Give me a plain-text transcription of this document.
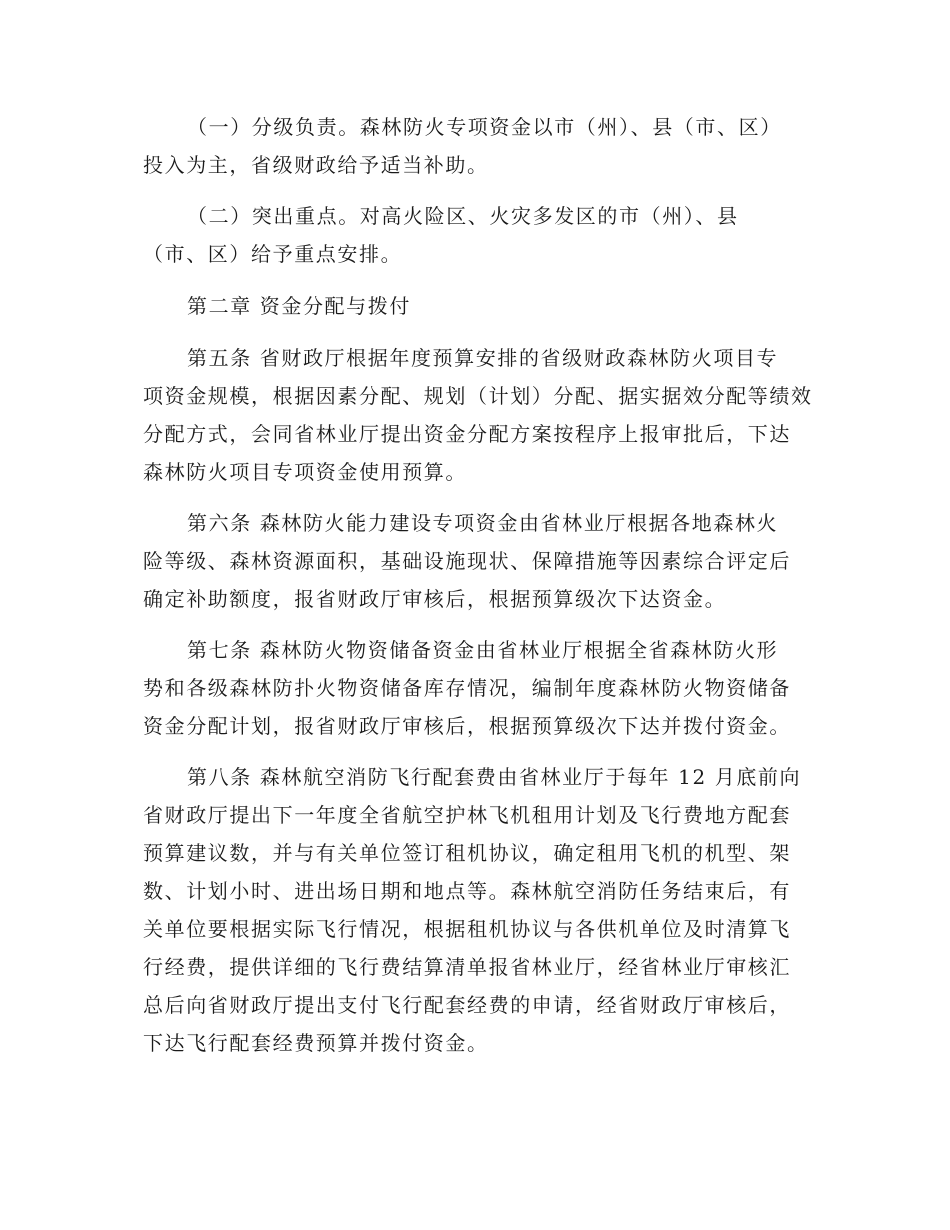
（一）分级负责。森林防火专项资金以市（州）、县（市、区）
投入为主，省级财政给予适当补助。
（二）突出重点。对高火险区、火灾多发区的市（州）、县
（市、区）给予重点安排。
第二章 资金分配与拨付
第五条 省财政厅根据年度预算安排的省级财政森林防火项目专
项资金规模，根据因素分配、规划（计划）分配、据实据效分配等绩效
分配方式，会同省林业厅提出资金分配方案按程序上报审批后，下达
森林防火项目专项资金使用预算。
第六条 森林防火能力建设专项资金由省林业厅根据各地森林火
险等级、森林资源面积，基础设施现状、保障措施等因素综合评定后
确定补助额度，报省财政厅审核后，根据预算级次下达资金。
第七条 森林防火物资储备资金由省林业厅根据全省森林防火形
势和各级森林防扑火物资储备库存情况，编制年度森林防火物资储备
资金分配计划，报省财政厅审核后，根据预算级次下达并拨付资金。
第八条 森林航空消防飞行配套费由省林业厅于每年 12 月底前向
省财政厅提出下一年度全省航空护林飞机租用计划及飞行费地方配套
预算建议数，并与有关单位签订租机协议，确定租用飞机的机型、架
数、计划小时、进出场日期和地点等。森林航空消防任务结束后，有
关单位要根据实际飞行情况，根据租机协议与各供机单位及时清算飞
行经费，提供详细的飞行费结算清单报省林业厅，经省林业厅审核汇
总后向省财政厅提出支付飞行配套经费的申请，经省财政厅审核后，
下达飞行配套经费预算并拨付资金。
